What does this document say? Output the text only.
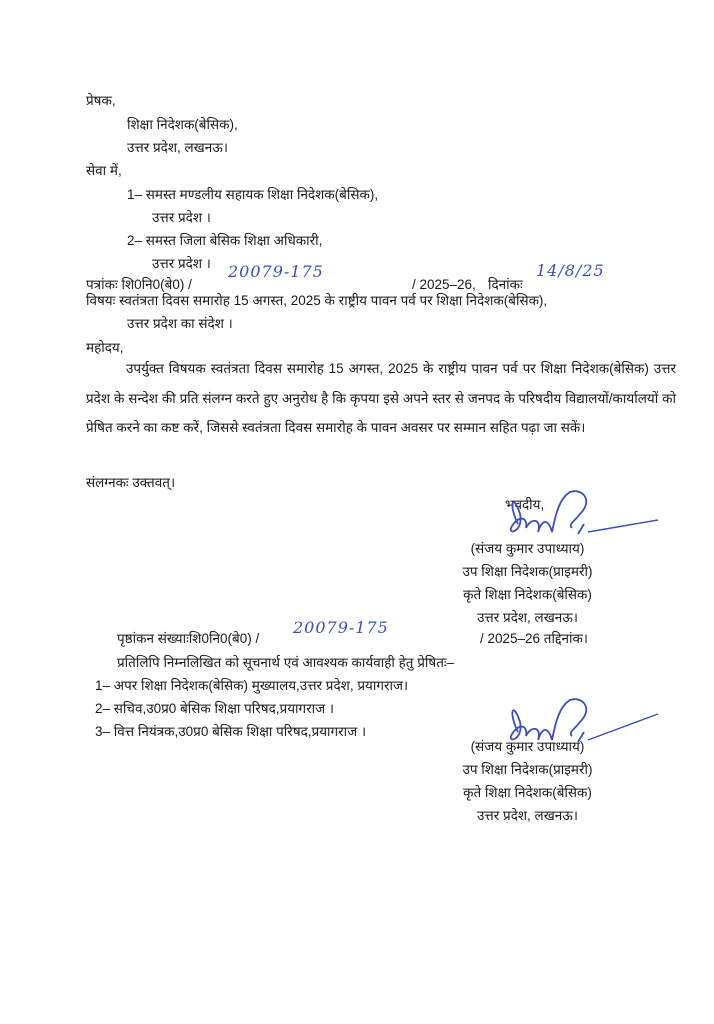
प्रेषक,
शिक्षा निदेशक(बेसिक),
उत्तर प्रदेश, लखनऊ।
सेवा में,
1– समस्त मण्डलीय सहायक शिक्षा निदेशक(बेसिक),
उत्तर प्रदेश ।
2– समस्त जिला बेसिक शिक्षा अधिकारी,
उत्तर प्रदेश ।
पत्रांकः शि0नि0(बे0) /
20079-175
/ 2025–26, दिनांकः
14/8/25
विषयः स्वतंत्रता दिवस समारोह 15 अगस्त, 2025 के राष्ट्रीय पावन पर्व पर शिक्षा निदेशक(बेसिक),
उत्तर प्रदेश का संदेश ।
महोदय,
उपर्युक्त विषयक स्वतंत्रता दिवस समारोह 15 अगस्त, 2025 के राष्ट्रीय पावन पर्व पर शिक्षा निदेशक(बेसिक) उत्तर प्रदेश के सन्देश की प्रति संलग्न करते हुए अनुरोध है कि कृपया इसे अपने स्तर से जनपद के परिषदीय विद्यालयों/कार्यालयों को प्रेषित करने का कष्ट करें, जिससे स्वतंत्रता दिवस समारोह के पावन अवसर पर सम्मान सहित पढ़ा जा सकें।
संलग्नकः उक्तवत्।
भवदीय,
(संजय कुमार उपाध्याय)
उप शिक्षा निदेशक(प्राइमरी)
कृते शिक्षा निदेशक(बेसिक)
उत्तर प्रदेश, लखनऊ।
पृष्ठांकन संख्याःशि0नि0(बे0) /
20079-175
/ 2025–26 तद्दिनांक।
प्रतिलिपि निम्नलिखित को सूचनार्थ एवं आवश्यक कार्यवाही हेतु प्रेषितः–
1– अपर शिक्षा निदेशक(बेसिक) मुख्यालय,उत्तर प्रदेश, प्रयागराज।
2– सचिव,उ0प्र0 बेसिक शिक्षा परिषद,प्रयागराज ।
3– वित्त नियंत्रक,उ0प्र0 बेसिक शिक्षा परिषद,प्रयागराज ।
(संजय कुमार उपाध्याय)
उप शिक्षा निदेशक(प्राइमरी)
कृते शिक्षा निदेशक(बेसिक)
उत्तर प्रदेश, लखनऊ।
